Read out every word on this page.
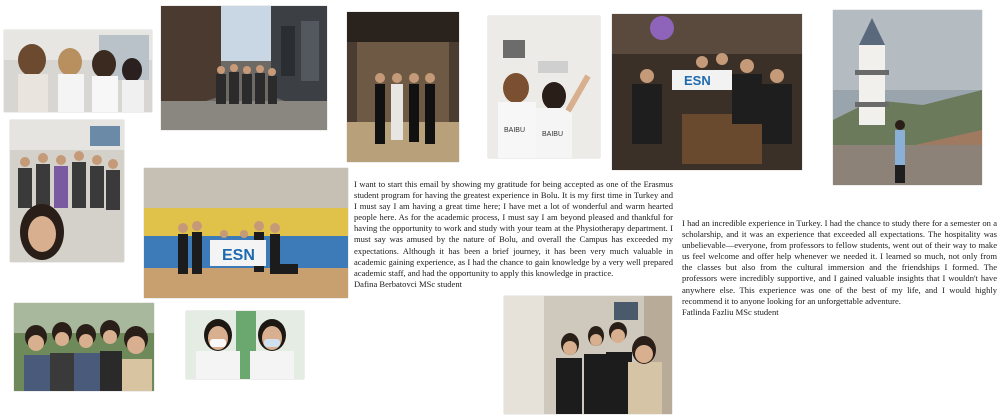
BAIBU
BAIBU
ESN
ESN

I want to start this email by showing my gratitude for being accepted as one of the Erasmus student program for having the greatest experience in Bolu. It is my first time in Turkey and I must say I am having a great time here; I have met a lot of wonderful and warm hearted people here. As for the academic process, I must say I am beyond pleased and thankful for having the opportunity to work and study with your team at the Physiotherapy department. I must say was amused by the nature of Bolu, and overall the Campus has exceeded my expectations. Although it has been a brief journey, it has been very much valuable in academic gaining experience, as I had the chance to gain knowledge by a very well prepared academic staff, and had the opportunity to apply this knowledge in practice.

Dafina Berbatovci MSc student

I had an incredible experience in Turkey. I had the chance to study there for a semester on a scholarship, and it was an experience that exceeded all expectations. The hospitality was unbelievable—everyone, from professors to fellow students, went out of their way to make us feel welcome and offer help whenever we needed it. I learned so much, not only from the classes but also from the cultural immersion and the friendships I formed. The professors were incredibly supportive, and I gained valuable insights that I wouldn't have anywhere else. This experience was one of the best of my life, and I would highly recommend it to anyone looking for an unforgettable adventure.

Fatlinda Fazliu MSc student
